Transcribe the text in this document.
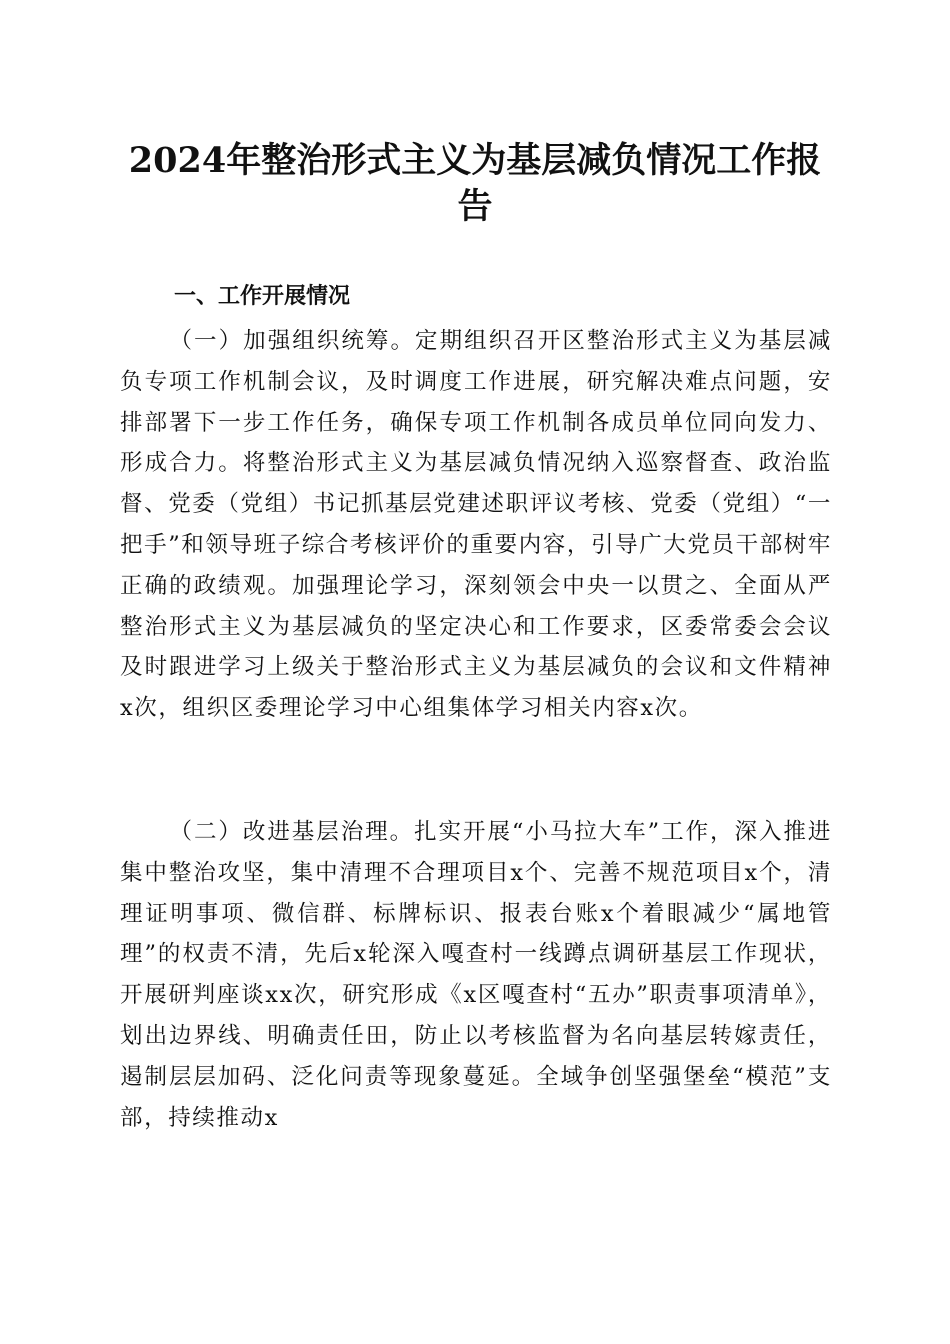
2024年整治形式主义为基层减负情况工作报告
一、工作开展情况

（一）加强组织统筹。定期组织召开区整治形式主义为基层减负专项工作机制会议，及时调度工作进展，研究解决难点问题，安排部署下一步工作任务，确保专项工作机制各成员单位同向发力、形成合力。将整治形式主义为基层减负情况纳入巡察督查、政治监督、党委（党组）书记抓基层党建述职评议考核、党委（党组）“一把手”和领导班子综合考核评价的重要内容，引导广大党员干部树牢正确的政绩观。加强理论学习，深刻领会中央一以贯之、全面从严整治形式主义为基层减负的坚定决心和工作要求，区委常委会会议及时跟进学习上级关于整治形式主义为基层减负的会议和文件精神x次，组织区委理论学习中心组集体学习相关内容x次。

（二）改进基层治理。扎实开展“小马拉大车”工作，深入推进集中整治攻坚，集中清理不合理项目x个、完善不规范项目x个，清理证明事项、微信群、标牌标识、报表台账x个着眼减少“属地管理”的权责不清，先后x轮深入嘎查村一线蹲点调研基层工作现状，开展研判座谈xx次，研究形成《x区嘎查村“五办”职责事项清单》，划出边界线、明确责任田，防止以考核监督为名向基层转嫁责任，遏制层层加码、泛化问责等现象蔓延。全域争创坚强堡垒“模范”支部，持续推动x
